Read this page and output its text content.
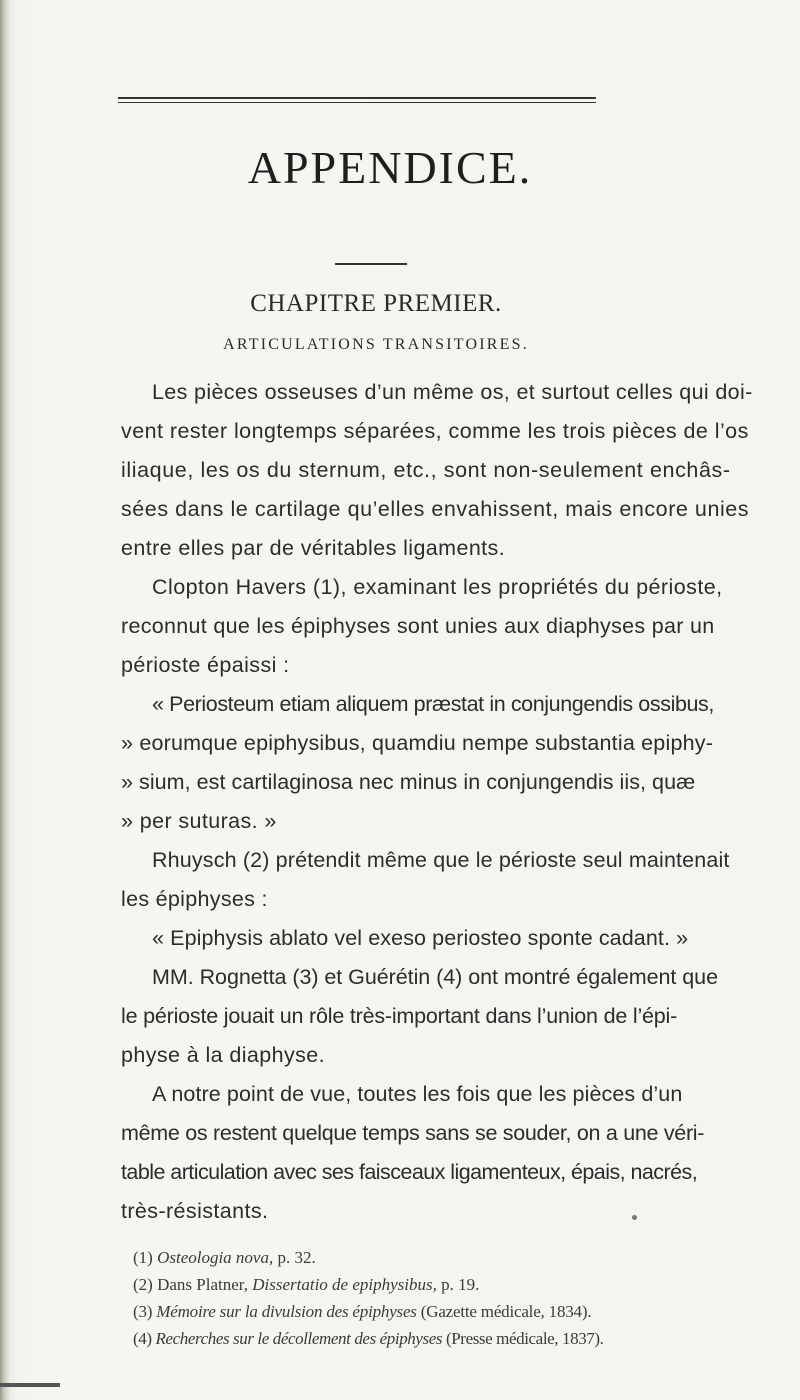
APPENDICE.
CHAPITRE PREMIER.
ARTICULATIONS TRANSITOIRES.
Les pièces osseuses d’un même os, et surtout celles qui doi-
vent rester longtemps séparées, comme les trois pièces de l’os
iliaque, les os du sternum, etc., sont non-seulement enchâs-
sées dans le cartilage qu’elles envahissent, mais encore unies
entre elles par de véritables ligaments.
Clopton Havers (1), examinant les propriétés du périoste,
reconnut que les épiphyses sont unies aux diaphyses par un
périoste épaissi :
« Periosteum etiam aliquem præstat in conjungendis ossibus,
» eorumque epiphysibus, quamdiu nempe substantia epiphy-
» sium, est cartilaginosa nec minus in conjungendis iis, quæ
» per suturas. »
Rhuysch (2) prétendit même que le périoste seul maintenait
les épiphyses :
« Epiphysis ablato vel exeso periosteo sponte cadant. »
MM. Rognetta (3) et Guérétin (4) ont montré également que
le périoste jouait un rôle très-important dans l’union de l’épi-
physe à la diaphyse.
A notre point de vue, toutes les fois que les pièces d’un
même os restent quelque temps sans se souder, on a une véri-
table articulation avec ses faisceaux ligamenteux, épais, nacrés,
très-résistants.
(1) Osteologia nova, p. 32.
(2) Dans Platner, Dissertatio de epiphysibus, p. 19.
(3) Mémoire sur la divulsion des épiphyses (Gazette médicale, 1834).
(4) Recherches sur le décollement des épiphyses (Presse médicale, 1837).
